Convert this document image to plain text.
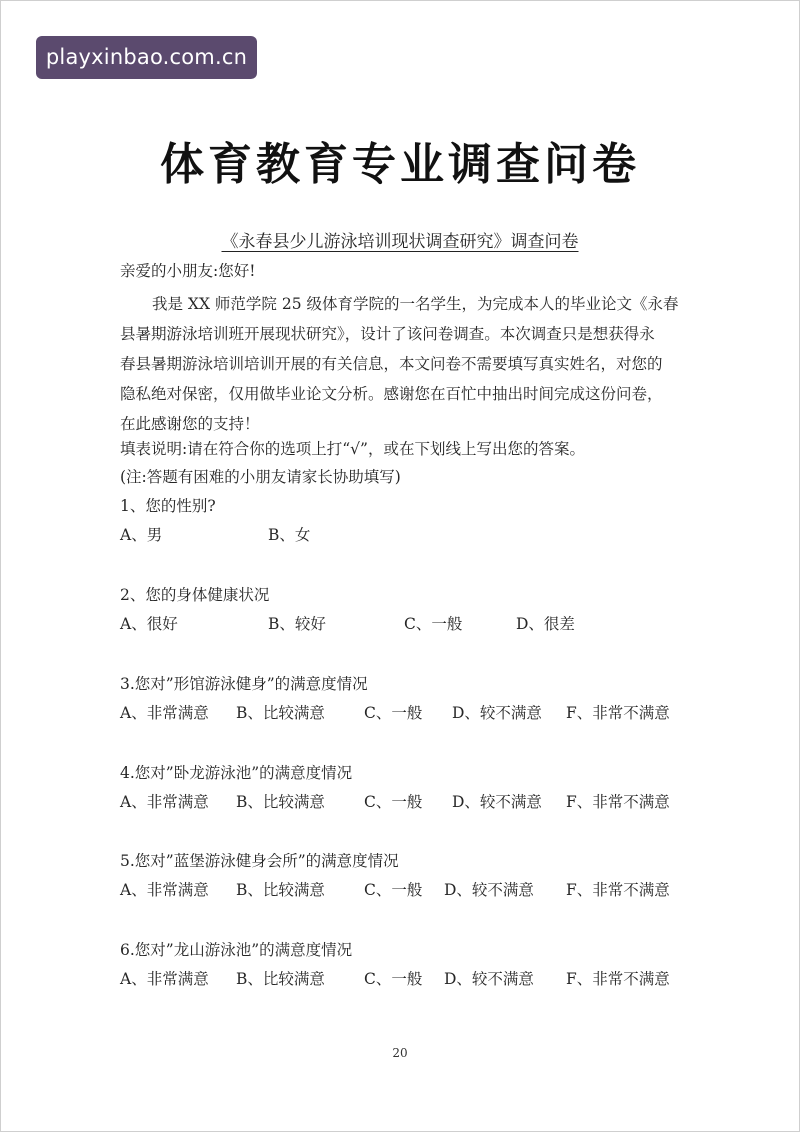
playxinbao.com.cn
体育教育专业调查问卷
《永春县少儿游泳培训现状调查研究》调查问卷
亲爱的小朋友:您好!
我是 XX 师范学院 25 级体育学院的一名学生，为完成本人的毕业论文《永春
县暑期游泳培训班开展现状研究》，设计了该问卷调查。本次调查只是想获得永
春县暑期游泳培训培训开展的有关信息，本文问卷不需要填写真实姓名，对您的
隐私绝对保密，仅用做毕业论文分析。感谢您在百忙中抽出时间完成这份问卷，
在此感谢您的支持！
填表说明:请在符合你的选项上打“√”，或在下划线上写出您的答案。
(注:答题有困难的小朋友请家长协助填写)
1、您的性别?
A、男	B、女
2、您的身体健康状况
A、很好	B、较好	C、一般	D、很差
3.您对”形馆游泳健身”的满意度情况
A、非常满意 B、比较满意	C、一般 D、较不满意 F、非常不满意
4.您对”卧龙游泳池”的满意度情况
A、非常满意 B、比较满意	C、一般 D、较不满意 F、非常不满意
5.您对”蓝堡游泳健身会所”的满意度情况
A、非常满意 B、比较满意	C、一般 D、较不满意 F、非常不满意
6.您对”龙山游泳池”的满意度情况
A、非常满意 B、比较满意	C、一般 D、较不满意 F、非常不满意
20
